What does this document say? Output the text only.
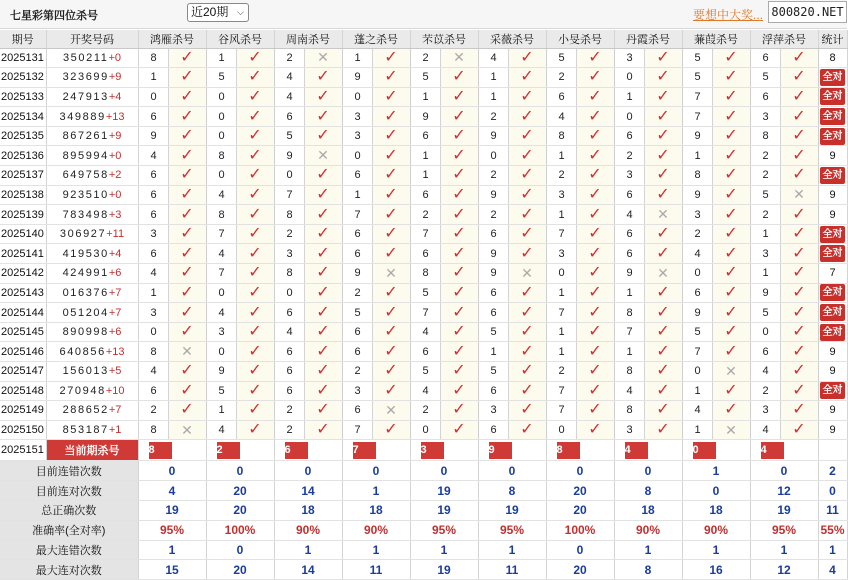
七星彩第四位杀号	近20期 ⌵	要想中大奖... 800820.NET
期号	开奖号码	鸿雁杀号		谷风杀号		周南杀号		蓬之杀号		芣苡杀号		采薇杀号		小旻杀号		丹霞杀号		蒹葭杀号		浮萍杀号		统计
2025131	350211+0	8	✓	1	✓	2	✕	1	✓	2	✕	4	✓	5	✓	3	✓	5	✓	6	✓	8
2025132	323699+9	1	✓	5	✓	4	✓	9	✓	5	✓	1	✓	2	✓	0	✓	5	✓	5	✓	全对
2025133	247913+4	0	✓	0	✓	4	✓	0	✓	1	✓	1	✓	6	✓	1	✓	7	✓	6	✓	全对
2025134	349889+13	6	✓	0	✓	6	✓	3	✓	9	✓	2	✓	4	✓	0	✓	7	✓	3	✓	全对
2025135	867261+9	9	✓	0	✓	5	✓	3	✓	6	✓	9	✓	8	✓	6	✓	9	✓	8	✓	全对
2025136	895994+0	4	✓	8	✓	9	✕	0	✓	1	✓	0	✓	1	✓	2	✓	1	✓	2	✓	9
2025137	649758+2	6	✓	0	✓	0	✓	6	✓	1	✓	2	✓	2	✓	3	✓	8	✓	2	✓	全对
2025138	923510+0	6	✓	4	✓	7	✓	1	✓	6	✓	9	✓	3	✓	6	✓	9	✓	5	✕	9
2025139	783498+3	6	✓	8	✓	8	✓	7	✓	2	✓	2	✓	1	✓	4	✕	3	✓	2	✓	9
2025140	306927+11	3	✓	7	✓	2	✓	6	✓	7	✓	6	✓	7	✓	6	✓	2	✓	1	✓	全对
2025141	419530+4	6	✓	4	✓	3	✓	6	✓	6	✓	9	✓	3	✓	6	✓	4	✓	3	✓	全对
2025142	424991+6	4	✓	7	✓	8	✓	9	✕	8	✓	9	✕	0	✓	9	✕	0	✓	1	✓	7
2025143	016376+7	1	✓	0	✓	0	✓	2	✓	5	✓	6	✓	1	✓	1	✓	6	✓	9	✓	全对
2025144	051204+7	3	✓	4	✓	6	✓	5	✓	7	✓	6	✓	7	✓	8	✓	9	✓	5	✓	全对
2025145	890998+6	0	✓	3	✓	4	✓	6	✓	4	✓	5	✓	1	✓	7	✓	5	✓	0	✓	全对
2025146	640856+13	8	✕	0	✓	6	✓	6	✓	6	✓	1	✓	1	✓	1	✓	7	✓	6	✓	9
2025147	156013+5	4	✓	9	✓	6	✓	2	✓	5	✓	5	✓	2	✓	8	✓	0	✕	4	✓	9
2025148	270948+10	6	✓	5	✓	6	✓	3	✓	4	✓	6	✓	7	✓	4	✓	1	✓	2	✓	全对
2025149	288652+7	2	✓	1	✓	2	✓	6	✕	2	✓	3	✓	7	✓	8	✓	4	✓	3	✓	9
2025150	853187+1	8	✕	4	✓	2	✓	7	✓	0	✓	6	✓	0	✓	3	✓	1	✕	4	✓	9
2025151	当前期杀号	8		2		6		7		3		9		8		4		0		4		
目前连错次数		0		0		0		0		0		0		0		0		1		0		2
目前连对次数		4		20		14		1		19		8		20		8		0		12		0
总正确次数		19		20		18		18		19		19		20		18		18		19		11
准确率(全对率)		95%		100%		90%		90%		95%		95%		100%		90%		90%		95%		55%
最大连错次数		1		0		1		1		1		1		0		1		1		1		1
最大连对次数		15		20		14		11		19		11		20		8		16		12		4
